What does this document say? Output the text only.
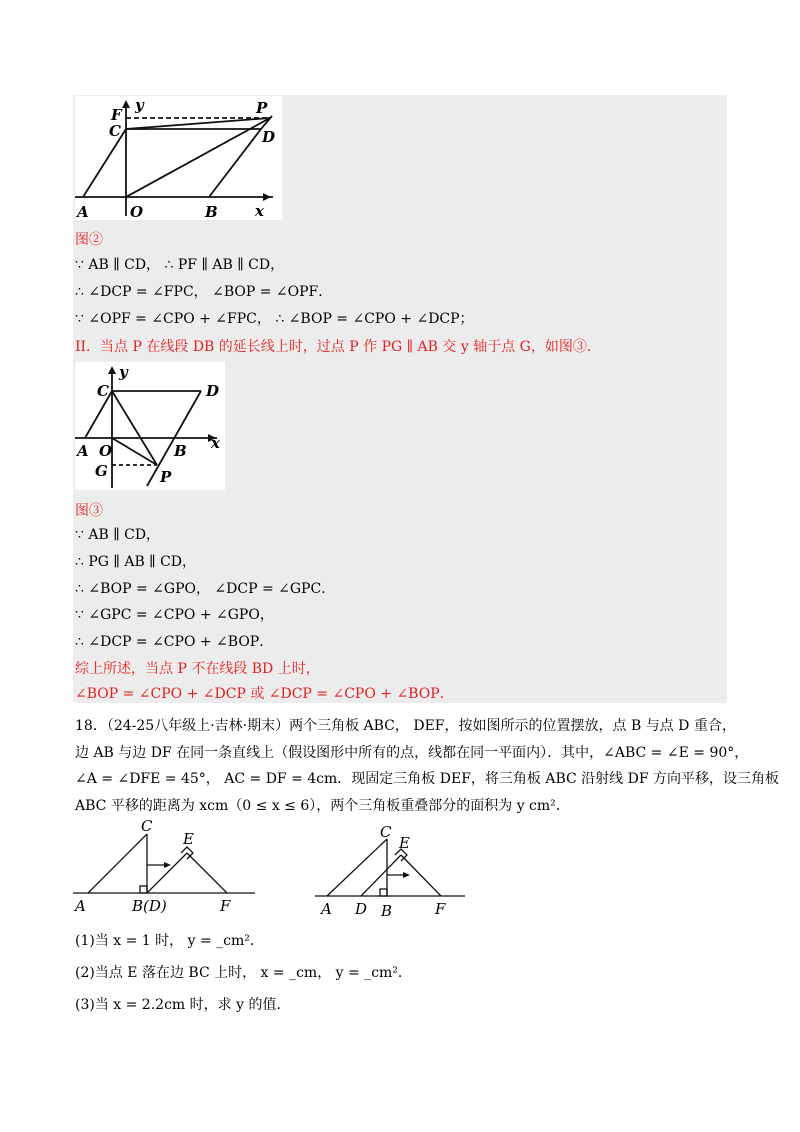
F
y	P
C	D
A	O	B x
图②
∵ AB ∥ CD， ∴ PF ∥ AB ∥ CD，
∴ ∠DCP = ∠FPC， ∠BOP = ∠OPF．
∵ ∠OPF = ∠CPO + ∠FPC， ∴ ∠BOP = ∠CPO + ∠DCP；
II．当点 P 在线段 DB 的延长线上时，过点 P 作 PG ∥ AB 交 y 轴于点 G，如图③.
C
y
D
A O	B x
G	P
图③
∵ AB ∥ CD，
∴ PG ∥ AB ∥ CD，
∴ ∠BOP = ∠GPO， ∠DCP = ∠GPC．
∵ ∠GPC = ∠CPO + ∠GPO，
∴ ∠DCP = ∠CPO + ∠BOP．
综上所述，当点 P 不在线段 BD 上时，
∠BOP = ∠CPO + ∠DCP 或 ∠DCP = ∠CPO + ∠BOP．
18．（24-25八年级上·吉林·期末）两个三角板 ABC， DEF，按如图所示的位置摆放，点 B 与点 D 重合，
边 AB 与边 DF 在同一条直线上（假设图形中所有的点，线都在同一平面内）．其中，∠ABC = ∠E = 90°，
∠A = ∠DFE = 45°， AC = DF = 4cm．现固定三角板 DEF，将三角板 ABC 沿射线 DF 方向平移，设三角板
ABC 平移的距离为 xcm（0 ≤ x ≤ 6），两个三角板重叠部分的面积为 y cm²．
C
E
A	B(D)	F
C
E
A D B	F
(1)当 x = 1 时， y = _cm²．
(2)当点 E 落在边 BC 上时， x = _cm， y = _cm²．
(3)当 x = 2.2cm 时，求 y 的值．
